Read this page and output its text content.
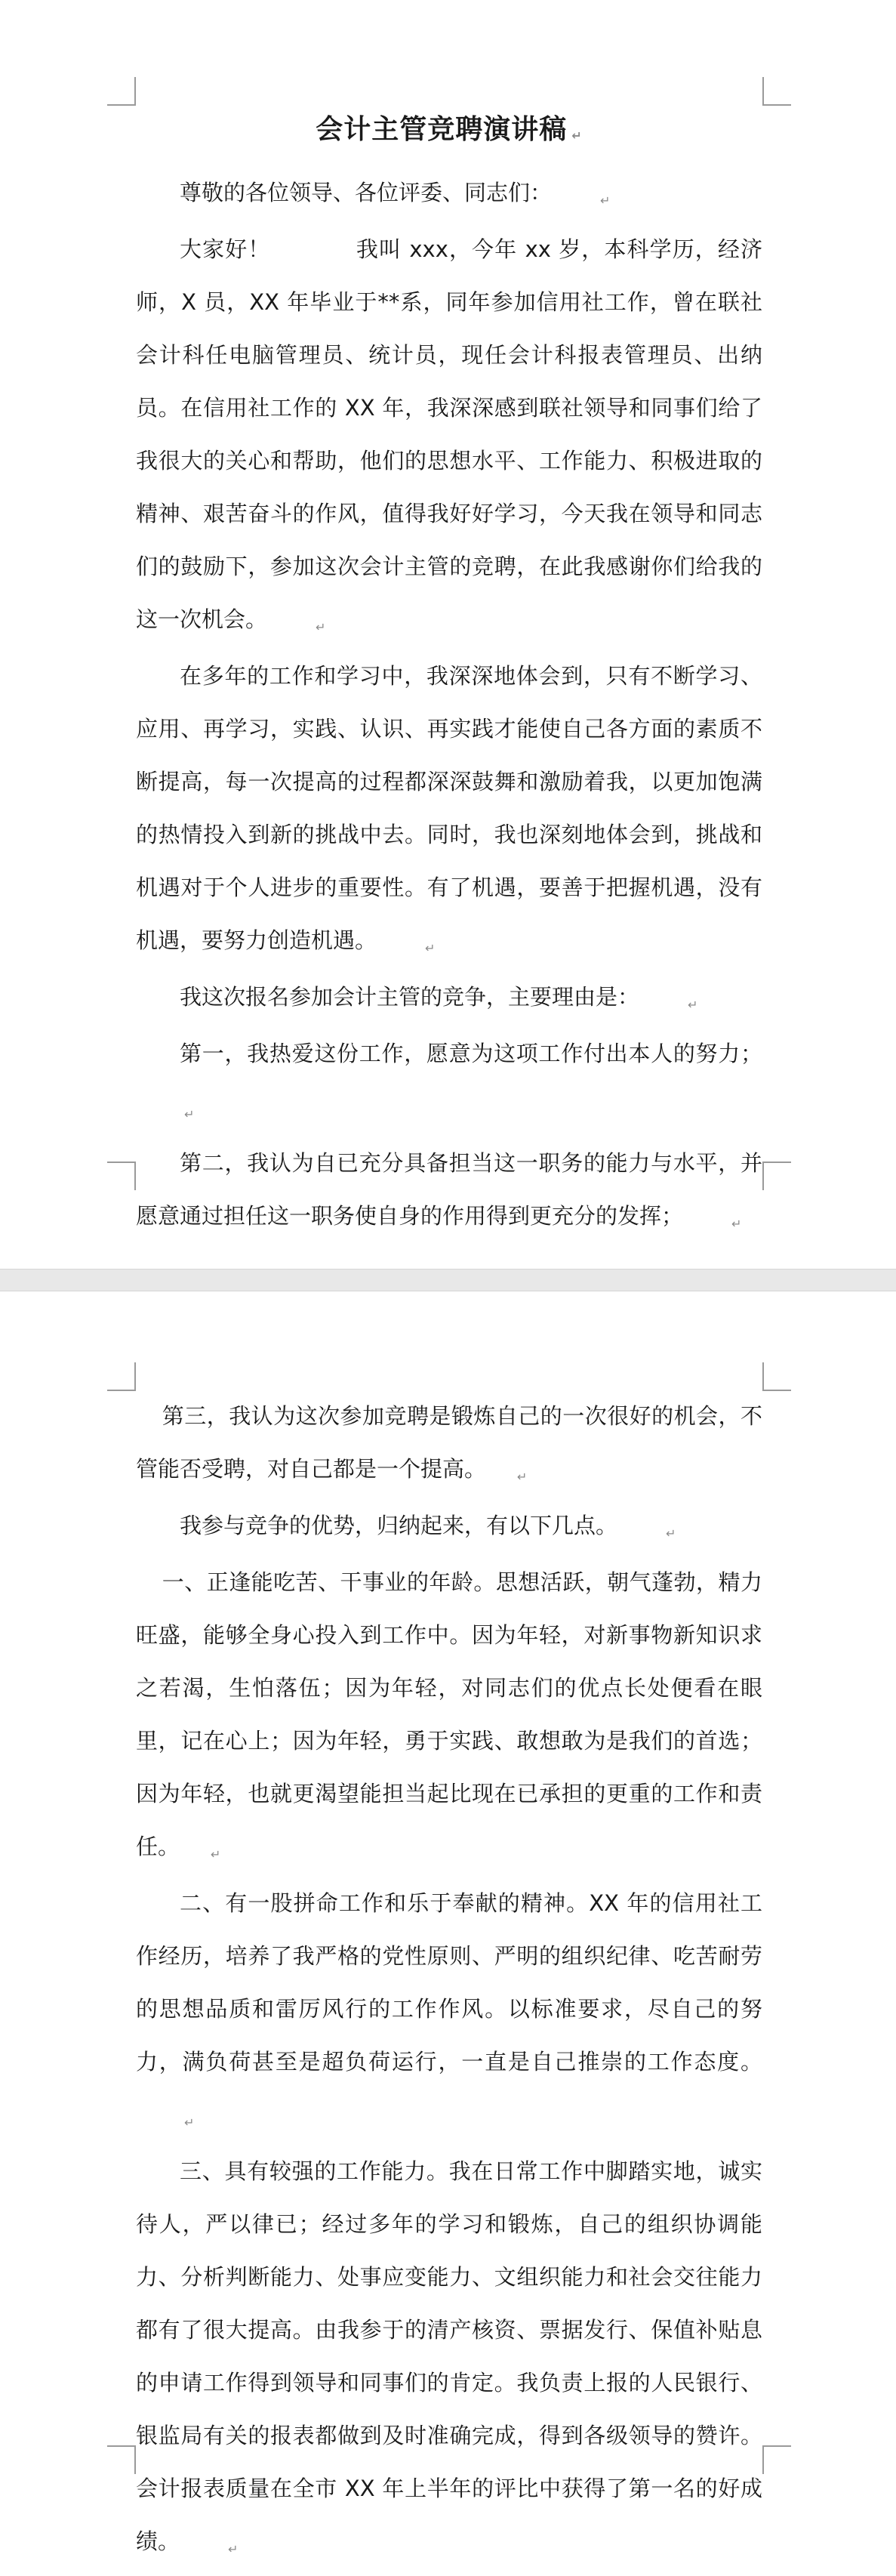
会计主管竞聘演讲稿 ↵

尊敬的各位领导、各位评委、同志们：	↵

大家好！           我叫 xxx，今年 xx 岁，本科学历，经济师，X 员，XX 年毕业于**系，同年参加信用社工作，曾在联社会计科任电脑管理员、统计员，现任会计科报表管理员、出纳员。在信用社工作的 XX 年，我深深感到联社领导和同事们给了我很大的关心和帮助，他们的思想水平、工作能力、积极进取的精神、艰苦奋斗的作风，值得我好好学习，今天我在领导和同志们的鼓励下，参加这次会计主管的竞聘，在此我感谢你们给我的这一次机会。	↵

在多年的工作和学习中，我深深地体会到，只有不断学习、应用、再学习，实践、认识、再实践才能使自己各方面的素质不断提高，每一次提高的过程都深深鼓舞和激励着我，以更加饱满的热情投入到新的挑战中去。同时，我也深刻地体会到，挑战和机遇对于个人进步的重要性。有了机遇，要善于把握机遇，没有机遇，要努力创造机遇。	↵

我这次报名参加会计主管的竞争，主要理由是：	↵

第一，我热爱这份工作，愿意为这项工作付出本人的努力；↵

第二，我认为自已充分具备担当这一职务的能力与水平，并愿意通过担任这一职务使自身的作用得到更充分的发挥；	↵

第三，我认为这次参加竞聘是锻炼自己的一次很好的机会，不管能否受聘，对自己都是一个提高。	↵

我参与竞争的优势，归纳起来，有以下几点。	↵

一、正逢能吃苦、干事业的年龄。思想活跃，朝气蓬勃，精力旺盛，能够全身心投入到工作中。因为年轻，对新事物新知识求之若渴，生怕落伍；因为年轻，对同志们的优点长处便看在眼里，记在心上；因为年轻，勇于实践、敢想敢为是我们的首选；因为年轻，也就更渴望能担当起比现在已承担的更重的工作和责任。	↵

二、有一股拼命工作和乐于奉献的精神。XX 年的信用社工作经历，培养了我严格的党性原则、严明的组织纪律、吃苦耐劳的思想品质和雷厉风行的工作作风。以标准要求，尽自己的努力，满负荷甚至是超负荷运行，一直是自己推崇的工作态度。↵

三、具有较强的工作能力。我在日常工作中脚踏实地，诚实待人，严以律已；经过多年的学习和锻炼，自己的组织协调能力、分析判断能力、处事应变能力、文组织能力和社会交往能力都有了很大提高。由我参于的清产核资、票据发行、保值补贴息的申请工作得到领导和同事们的肯定。我负责上报的人民银行、银监局有关的报表都做到及时准确完成，得到各级领导的赞许。会计报表质量在全市 XX 年上半年的评比中获得了第一名的好成绩。	↵
